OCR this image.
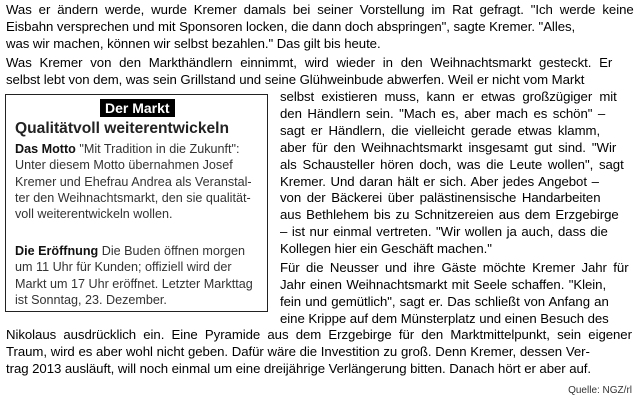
Was er ändern werde, wurde Kremer damals bei seiner Vorstellung im Rat gefragt. "Ich werde keine
Eisbahn versprechen und mit Sponsoren locken, die dann doch abspringen", sagte Kremer. "Alles,
was wir machen, können wir selbst bezahlen." Das gilt bis heute.
Was Kremer von den Markthändlern einnimmt, wird wieder in den Weihnachtsmarkt gesteckt. Er
selbst lebt von dem, was sein Grillstand und seine Glühweinbude abwerfen. Weil er nicht vom Markt
selbst existieren muss, kann er etwas großzügiger mit
den Händlern sein. "Mach es, aber mach es schön" –
sagt er Händlern, die vielleicht gerade etwas klamm,
aber für den Weihnachtsmarkt insgesamt gut sind. "Wir
als Schausteller hören doch, was die Leute wollen", sagt
Kremer. Und daran hält er sich. Aber jedes Angebot –
von der Bäckerei über palästinensische Handarbeiten
aus Bethlehem bis zu Schnitzereien aus dem Erzgebirge
– ist nur einmal vertreten. "Wir wollen ja auch, dass die
Kollegen hier ein Geschäft machen."
Für die Neusser und ihre Gäste möchte Kremer Jahr für
Jahr einen Weihnachtsmarkt mit Seele schaffen. "Klein,
fein und gemütlich", sagt er. Das schließt von Anfang an
eine Krippe auf dem Münsterplatz und einen Besuch des
Nikolaus ausdrücklich ein. Eine Pyramide aus dem Erzgebirge für den Marktmittelpunkt, sein eigener
Traum, wird es aber wohl nicht geben. Dafür wäre die Investition zu groß. Denn Kremer, dessen Ver-
trag 2013 ausläuft, will noch einmal um eine dreijährige Verlängerung bitten. Danach hört er aber auf.
Der Markt
Qualitätvoll weiterentwickeln
Das Motto "Mit Tradition in die Zukunft":
Unter diesem Motto übernahmen Josef
Kremer und Ehefrau Andrea als Veranstal-
ter den Weihnachtsmarkt, den sie qualität-
voll weiterentwickeln wollen.
Die Eröffnung Die Buden öffnen morgen
um 11 Uhr für Kunden; offiziell wird der
Markt um 17 Uhr eröffnet. Letzter Markttag
ist Sonntag, 23. Dezember.
Quelle: NGZ/rl
